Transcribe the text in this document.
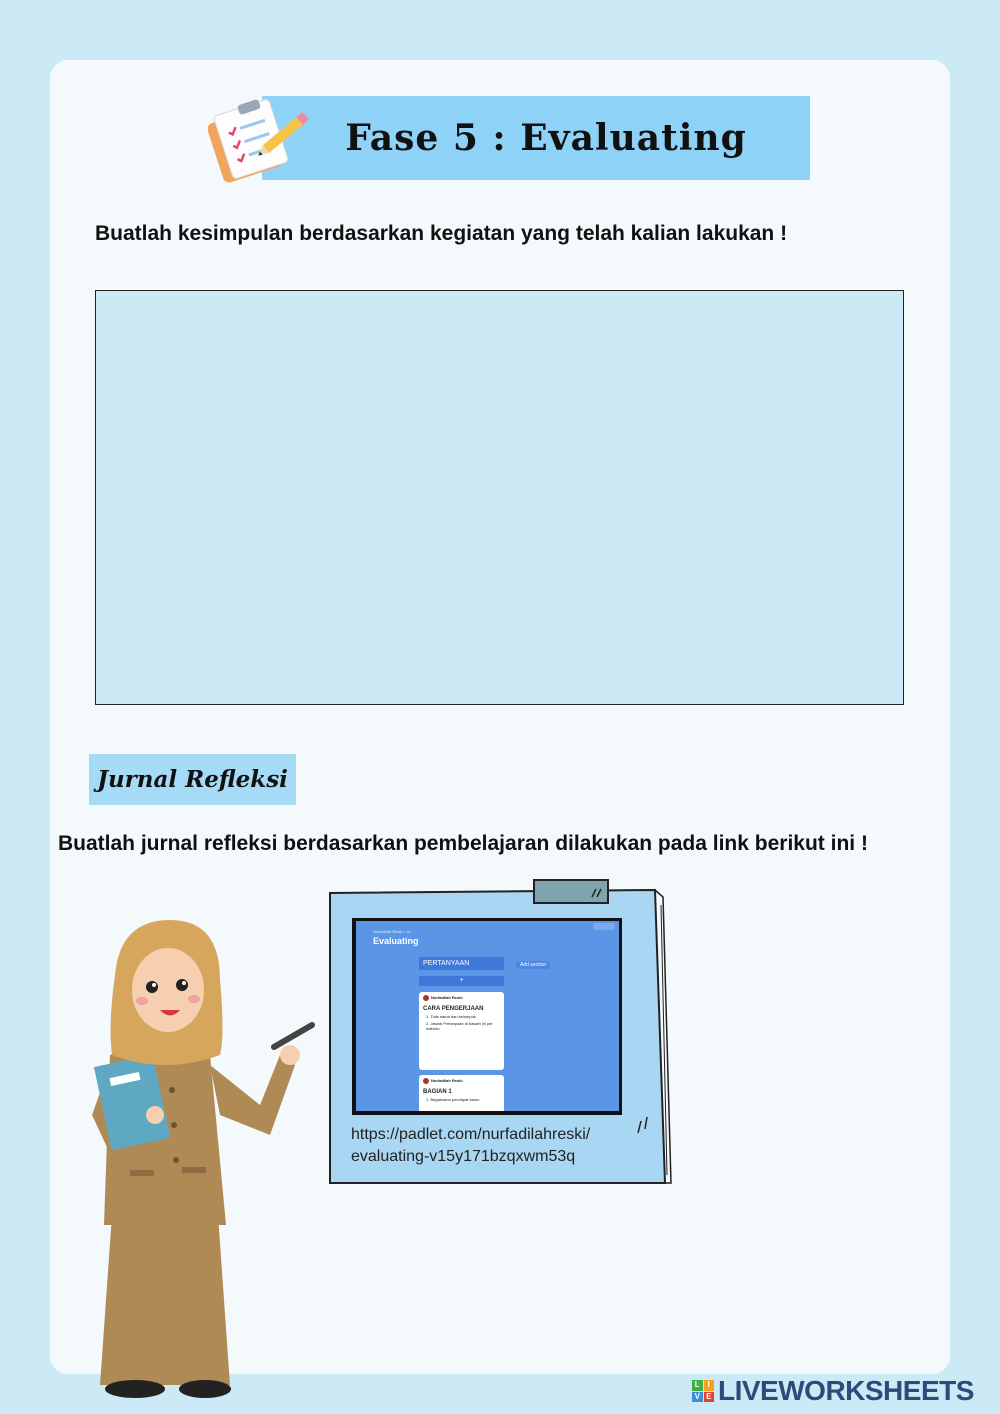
Fase 5 : Evaluating
Buatlah kesimpulan berdasarkan kegiatan yang telah kalian lakukan !
Jurnal Refleksi
Buatlah jurnal refleksi berdasarkan pembelajaran dilakukan pada link berikut ini !
Nurfadilah Reski • 1d
Evaluating
PERTANYAAN	Add section
+
Nurfadilah Reski
CARA PENGERJAAN
1. Tulis nama dan kelompok
2. Jawab Pertanyaan di bawah ini per individu
Nurfadilah Reski
BAGIAN 1
1. Bagaimana pendapat kamu
https://padlet.com/nurfadilahreski/
evaluating-v15y171bzqxwm53q
L I
V E LIVEWORKSHEETS
